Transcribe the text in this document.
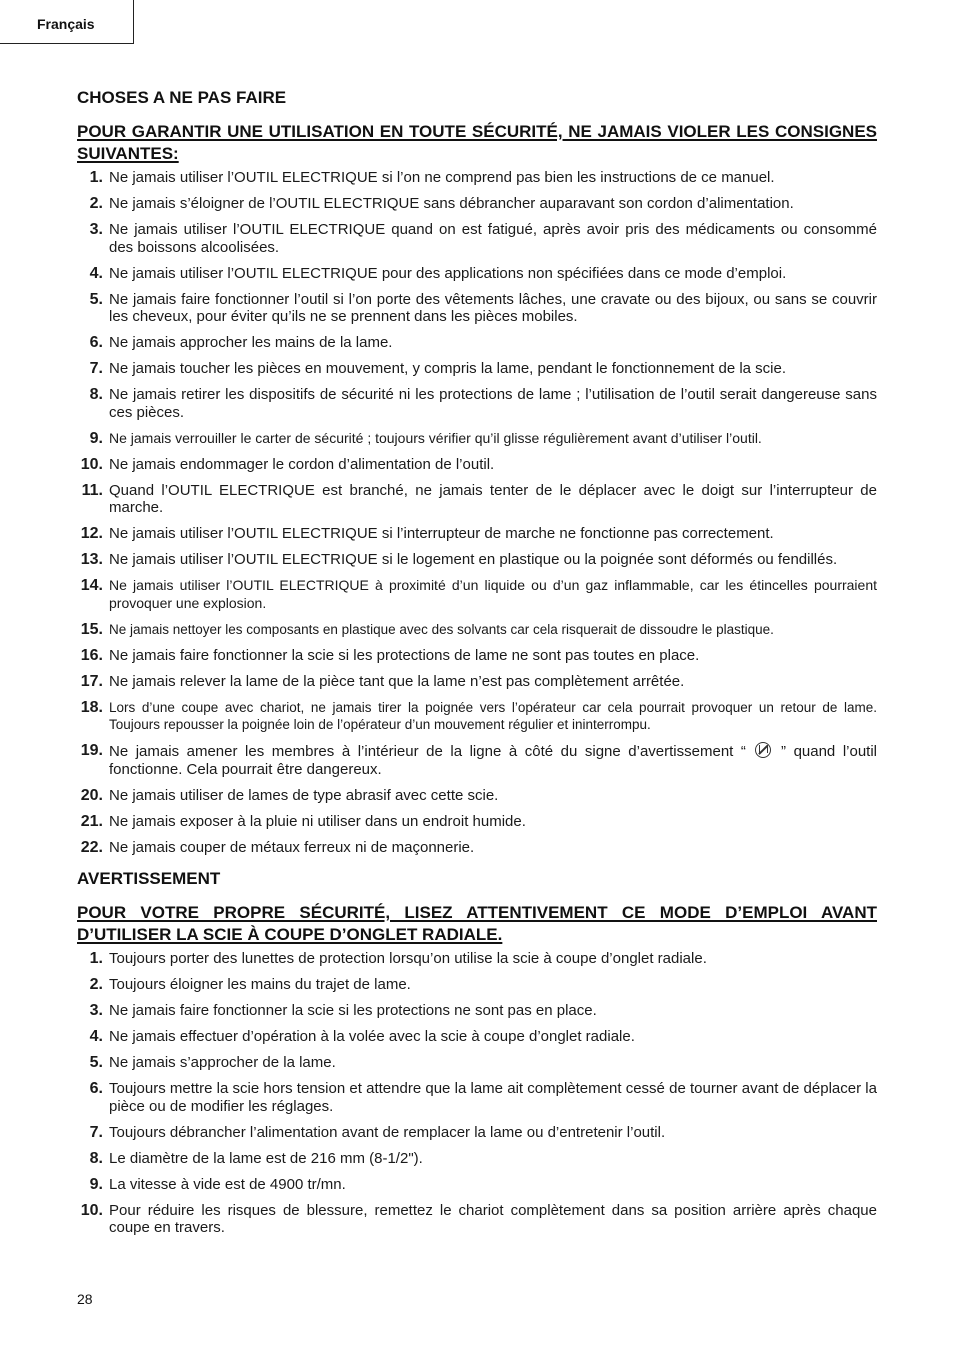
Français
CHOSES A NE PAS FAIRE
POUR GARANTIR UNE UTILISATION EN TOUTE SÉCURITÉ, NE JAMAIS VIOLER LES CONSIGNES SUIVANTES:
1. Ne jamais utiliser l’OUTIL ELECTRIQUE si l’on ne comprend pas bien les instructions de ce manuel.
2. Ne jamais s’éloigner de l’OUTIL ELECTRIQUE sans débrancher auparavant son cordon d’alimentation.
3. Ne jamais utiliser l’OUTIL ELECTRIQUE quand on est fatigué, après avoir pris des médicaments ou consommé des boissons alcoolisées.
4. Ne jamais utiliser l’OUTIL ELECTRIQUE pour des applications non spécifiées dans ce mode d’emploi.
5. Ne jamais faire fonctionner l’outil si l’on porte des vêtements lâches, une cravate ou des bijoux, ou sans se couvrir les cheveux, pour éviter qu’ils ne se prennent dans les pièces mobiles.
6. Ne jamais approcher les mains de la lame.
7. Ne jamais toucher les pièces en mouvement, y compris la lame, pendant le fonctionnement de la scie.
8. Ne jamais retirer les dispositifs de sécurité ni les protections de lame ; l’utilisation de l’outil serait dangereuse sans ces pièces.
9. Ne jamais verrouiller le carter de sécurité ; toujours vérifier qu’il glisse régulièrement avant d’utiliser l’outil.
10. Ne jamais endommager le cordon d’alimentation de l’outil.
11. Quand l’OUTIL ELECTRIQUE est branché, ne jamais tenter de le déplacer avec le doigt sur l’interrupteur de marche.
12. Ne jamais utiliser l’OUTIL ELECTRIQUE si l’interrupteur de marche ne fonctionne pas correctement.
13. Ne jamais utiliser l’OUTIL ELECTRIQUE si le logement en plastique ou la poignée sont déformés ou fendillés.
14. Ne jamais utiliser l’OUTIL ELECTRIQUE à proximité d’un liquide ou d’un gaz inflammable, car les étincelles pourraient provoquer une explosion.
15. Ne jamais nettoyer les composants en plastique avec des solvants car cela risquerait de dissoudre le plastique.
16. Ne jamais faire fonctionner la scie si les protections de lame ne sont pas toutes en place.
17. Ne jamais relever la lame de la pièce tant que la lame n’est pas complètement arrêtée.
18. Lors d’une coupe avec chariot, ne jamais tirer la poignée vers l’opérateur car cela pourrait provoquer un retour de lame. Toujours repousser la poignée loin de l’opérateur d’un mouvement régulier et ininterrompu.
19. Ne jamais amener les membres à l’intérieur de la ligne à côté du signe d’avertissement “ ” quand l’outil fonctionne. Cela pourrait être dangereux.
20. Ne jamais utiliser de lames de type abrasif avec cette scie.
21. Ne jamais exposer à la pluie ni utiliser dans un endroit humide.
22. Ne jamais couper de métaux ferreux ni de maçonnerie.
AVERTISSEMENT
POUR VOTRE PROPRE SÉCURITÉ, LISEZ ATTENTIVEMENT CE MODE D’EMPLOI AVANT D’UTILISER LA SCIE À COUPE D’ONGLET RADIALE.
1. Toujours porter des lunettes de protection lorsqu’on utilise la scie à coupe d’onglet radiale.
2. Toujours éloigner les mains du trajet de lame.
3. Ne jamais faire fonctionner la scie si les protections ne sont pas en place.
4. Ne jamais effectuer d’opération à la volée avec la scie à coupe d’onglet radiale.
5. Ne jamais s’approcher de la lame.
6. Toujours mettre la scie hors tension et attendre que la lame ait complètement cessé de tourner avant de déplacer la pièce ou de modifier les réglages.
7. Toujours débrancher l’alimentation avant de remplacer la lame ou d’entretenir l’outil.
8. Le diamètre de la lame est de 216 mm (8-1/2").
9. La vitesse à vide est de 4900 tr/mn.
10. Pour réduire les risques de blessure, remettez le chariot complètement dans sa position arrière après chaque coupe en travers.
28
